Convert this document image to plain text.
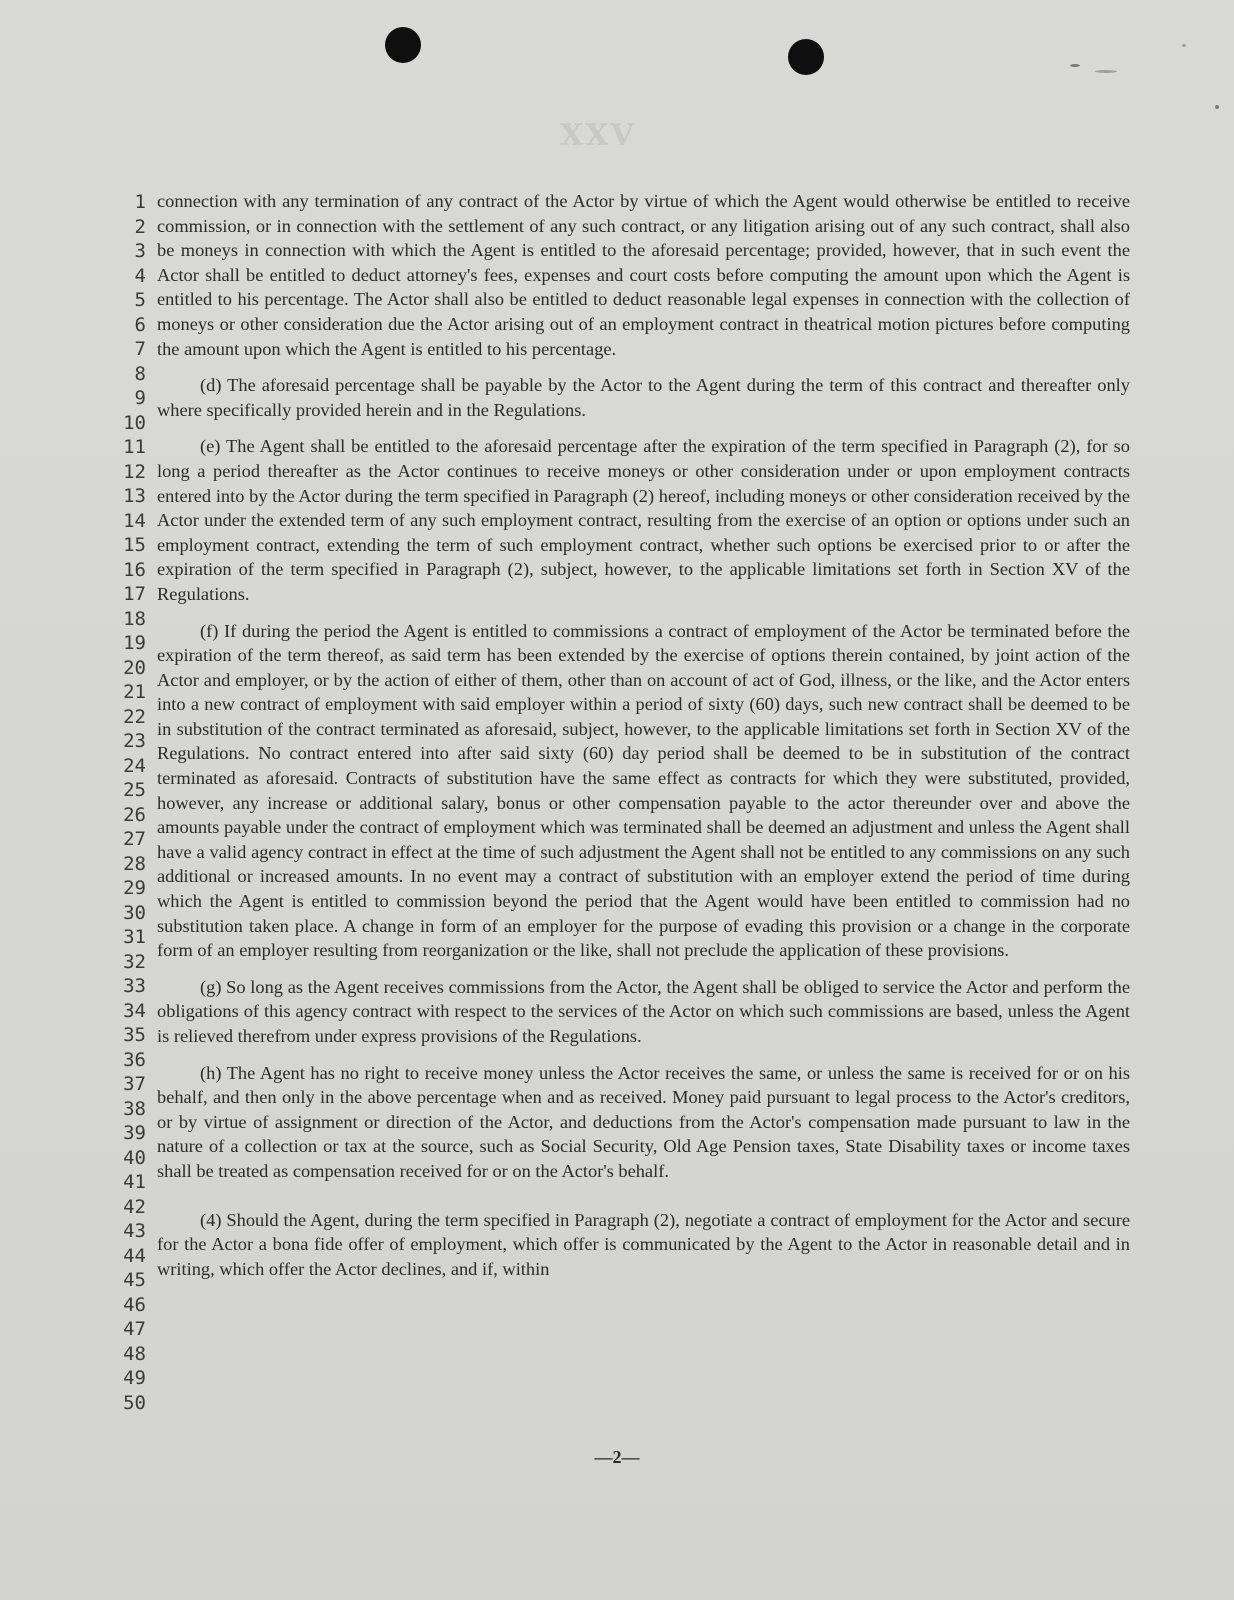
XXV
1
2
3
4
5
6
7
8
9
10
11
12
13
14
15
16
17
18
19
20
21
22
23
24
25
26
27
28
29
30
31
32
33
34
35
36
37
38
39
40
41
42
43
44
45
46
47
48
49
50

connection with any termination of any contract of the Actor by virtue of which the Agent would otherwise be entitled to receive commission, or in connection with the settlement of any such contract, or any litigation arising out of any such contract, shall also be moneys in connection with which the Agent is entitled to the aforesaid percentage; provided, however, that in such event the Actor shall be entitled to deduct attorney's fees, expenses and court costs before computing the amount upon which the Agent is entitled to his percentage. The Actor shall also be entitled to deduct reasonable legal expenses in connection with the collection of moneys or other consideration due the Actor arising out of an employment contract in theatrical motion pictures before computing the amount upon which the Agent is entitled to his percentage.

(d) The aforesaid percentage shall be payable by the Actor to the Agent during the term of this contract and thereafter only where specifically provided herein and in the Regulations.

(e) The Agent shall be entitled to the aforesaid percentage after the expiration of the term specified in Paragraph (2), for so long a period thereafter as the Actor continues to receive moneys or other consideration under or upon employment contracts entered into by the Actor during the term specified in Paragraph (2) hereof, including moneys or other consideration received by the Actor under the extended term of any such employment contract, resulting from the exercise of an option or options under such an employment contract, extending the term of such employment contract, whether such options be exercised prior to or after the expiration of the term specified in Paragraph (2), subject, however, to the applicable limitations set forth in Section XV of the Regulations.

(f) If during the period the Agent is entitled to commissions a contract of employment of the Actor be terminated before the expiration of the term thereof, as said term has been extended by the exercise of options therein contained, by joint action of the Actor and employer, or by the action of either of them, other than on account of act of God, illness, or the like, and the Actor enters into a new contract of employment with said employer within a period of sixty (60) days, such new contract shall be deemed to be in substitution of the contract terminated as aforesaid, subject, however, to the applicable limitations set forth in Section XV of the Regulations. No contract entered into after said sixty (60) day period shall be deemed to be in substitution of the contract terminated as aforesaid. Contracts of substitution have the same effect as contracts for which they were substituted, provided, however, any increase or additional salary, bonus or other compensation payable to the actor thereunder over and above the amounts payable under the contract of employment which was terminated shall be deemed an adjustment and unless the Agent shall have a valid agency contract in effect at the time of such adjustment the Agent shall not be entitled to any commissions on any such additional or increased amounts. In no event may a contract of substitution with an employer extend the period of time during which the Agent is entitled to commission beyond the period that the Agent would have been entitled to commission had no substitution taken place. A change in form of an employer for the purpose of evading this provision or a change in the corporate form of an employer resulting from reorganization or the like, shall not preclude the application of these provisions.

(g) So long as the Agent receives commissions from the Actor, the Agent shall be obliged to service the Actor and perform the obligations of this agency contract with respect to the services of the Actor on which such commissions are based, unless the Agent is relieved therefrom under express provisions of the Regulations.

(h) The Agent has no right to receive money unless the Actor receives the same, or unless the same is received for or on his behalf, and then only in the above percentage when and as received. Money paid pursuant to legal process to the Actor's creditors, or by virtue of assignment or direction of the Actor, and deductions from the Actor's compensation made pursuant to law in the nature of a collection or tax at the source, such as Social Security, Old Age Pension taxes, State Disability taxes or income taxes shall be treated as compensation received for or on the Actor's behalf.

(4) Should the Agent, during the term specified in Paragraph (2), negotiate a contract of employment for the Actor and secure for the Actor a bona fide offer of employment, which offer is communicated by the Agent to the Actor in reasonable detail and in writing, which offer the Actor declines, and if, within

—2—
